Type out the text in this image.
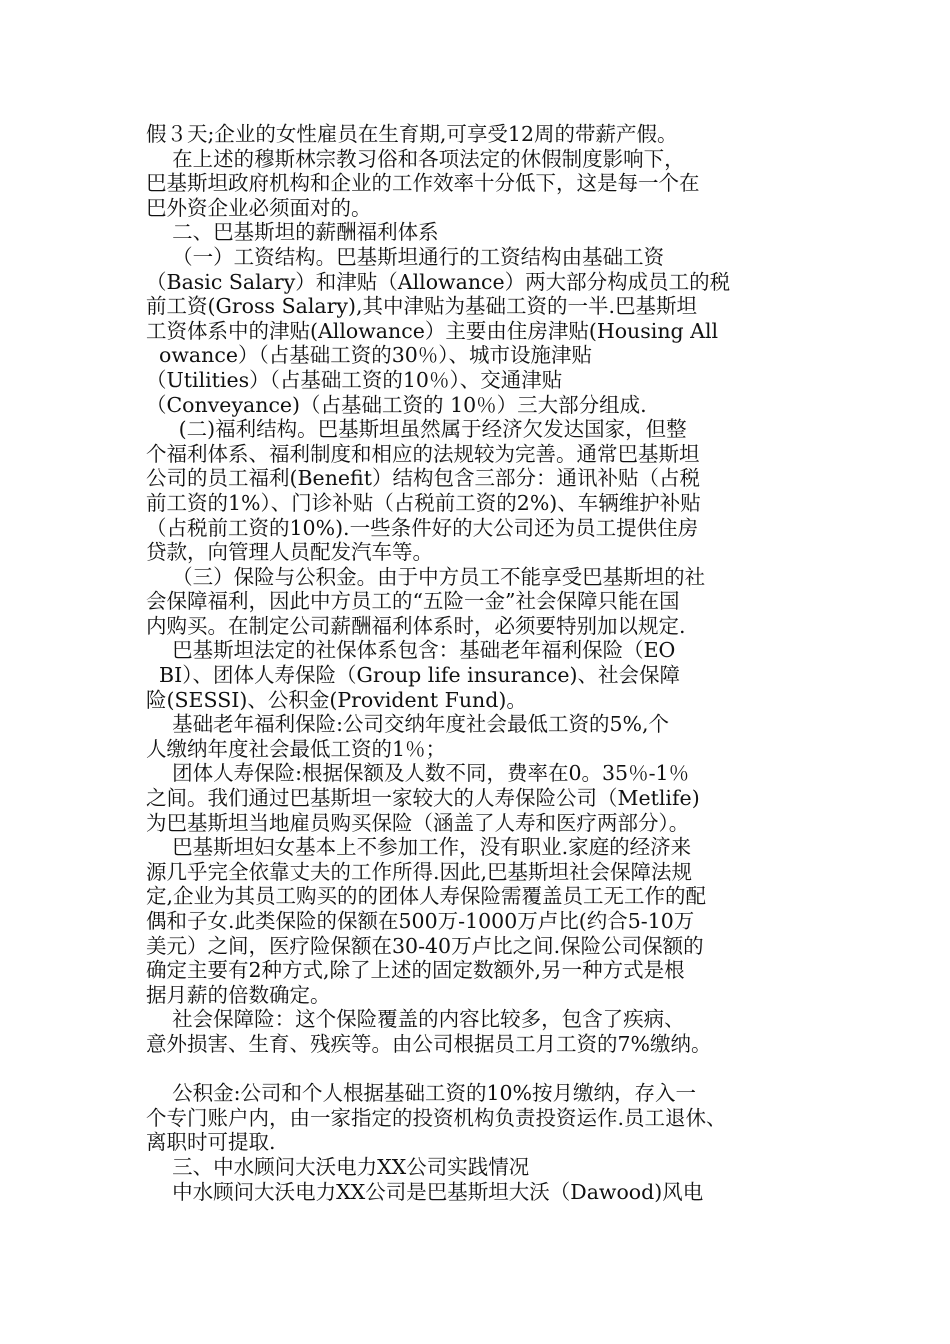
假３天;企业的女性雇员在生育期,可享受12周的带薪产假。
在上述的穆斯林宗教习俗和各项法定的休假制度影响下，
巴基斯坦政府机构和企业的工作效率十分低下，这是每一个在
巴外资企业必须面对的。
二、巴基斯坦的薪酬福利体系
（一）工资结构。巴基斯坦通行的工资结构由基础工资
（Basic Salary）和津贴（Allowance）两大部分构成员工的税
前工资(Gross Salary),其中津贴为基础工资的一半.巴基斯坦
工资体系中的津贴(Allowance）主要由住房津贴(Housing All
owance）（占基础工资的30％）、城市设施津贴
（Utilities）（占基础工资的10％）、交通津贴
（Conveyance)（占基础工资的 10％）三大部分组成.
(二)福利结构。巴基斯坦虽然属于经济欠发达国家，但整
个福利体系、福利制度和相应的法规较为完善。通常巴基斯坦
公司的员工福利(Benefit）结构包含三部分：通讯补贴（占税
前工资的1%）、门诊补贴（占税前工资的2%)、车辆维护补贴
（占税前工资的10%).一些条件好的大公司还为员工提供住房
贷款，向管理人员配发汽车等。
（三）保险与公积金。由于中方员工不能享受巴基斯坦的社
会保障福利，因此中方员工的“五险一金”社会保障只能在国
内购买。在制定公司薪酬福利体系时，必须要特别加以规定.
巴基斯坦法定的社保体系包含：基础老年福利保险（EO
BI）、团体人寿保险（Group life insurance)、社会保障
险(SESSI)、公积金(Provident Fund)。
基础老年福利保险:公司交纳年度社会最低工资的5%,个
人缴纳年度社会最低工资的1％；
团体人寿保险:根据保额及人数不同，费率在0。35％-1％
之间。我们通过巴基斯坦一家较大的人寿保险公司（Metlife)
为巴基斯坦当地雇员购买保险（涵盖了人寿和医疗两部分）。
巴基斯坦妇女基本上不参加工作，没有职业.家庭的经济来
源几乎完全依靠丈夫的工作所得.因此,巴基斯坦社会保障法规
定,企业为其员工购买的的团体人寿保险需覆盖员工无工作的配
偶和子女.此类保险的保额在500万-1000万卢比(约合5-10万
美元）之间，医疗险保额在30-40万卢比之间.保险公司保额的
确定主要有2种方式,除了上述的固定数额外,另一种方式是根
据月薪的倍数确定。
社会保障险：这个保险覆盖的内容比较多，包含了疾病、
意外损害、生育、残疾等。由公司根据员工月工资的7%缴纳。
公积金:公司和个人根据基础工资的10%按月缴纳，存入一
个专门账户内，由一家指定的投资机构负责投资运作.员工退休、
离职时可提取.
三、中水顾问大沃电力XX公司实践情况
中水顾问大沃电力XX公司是巴基斯坦大沃（Dawood)风电
